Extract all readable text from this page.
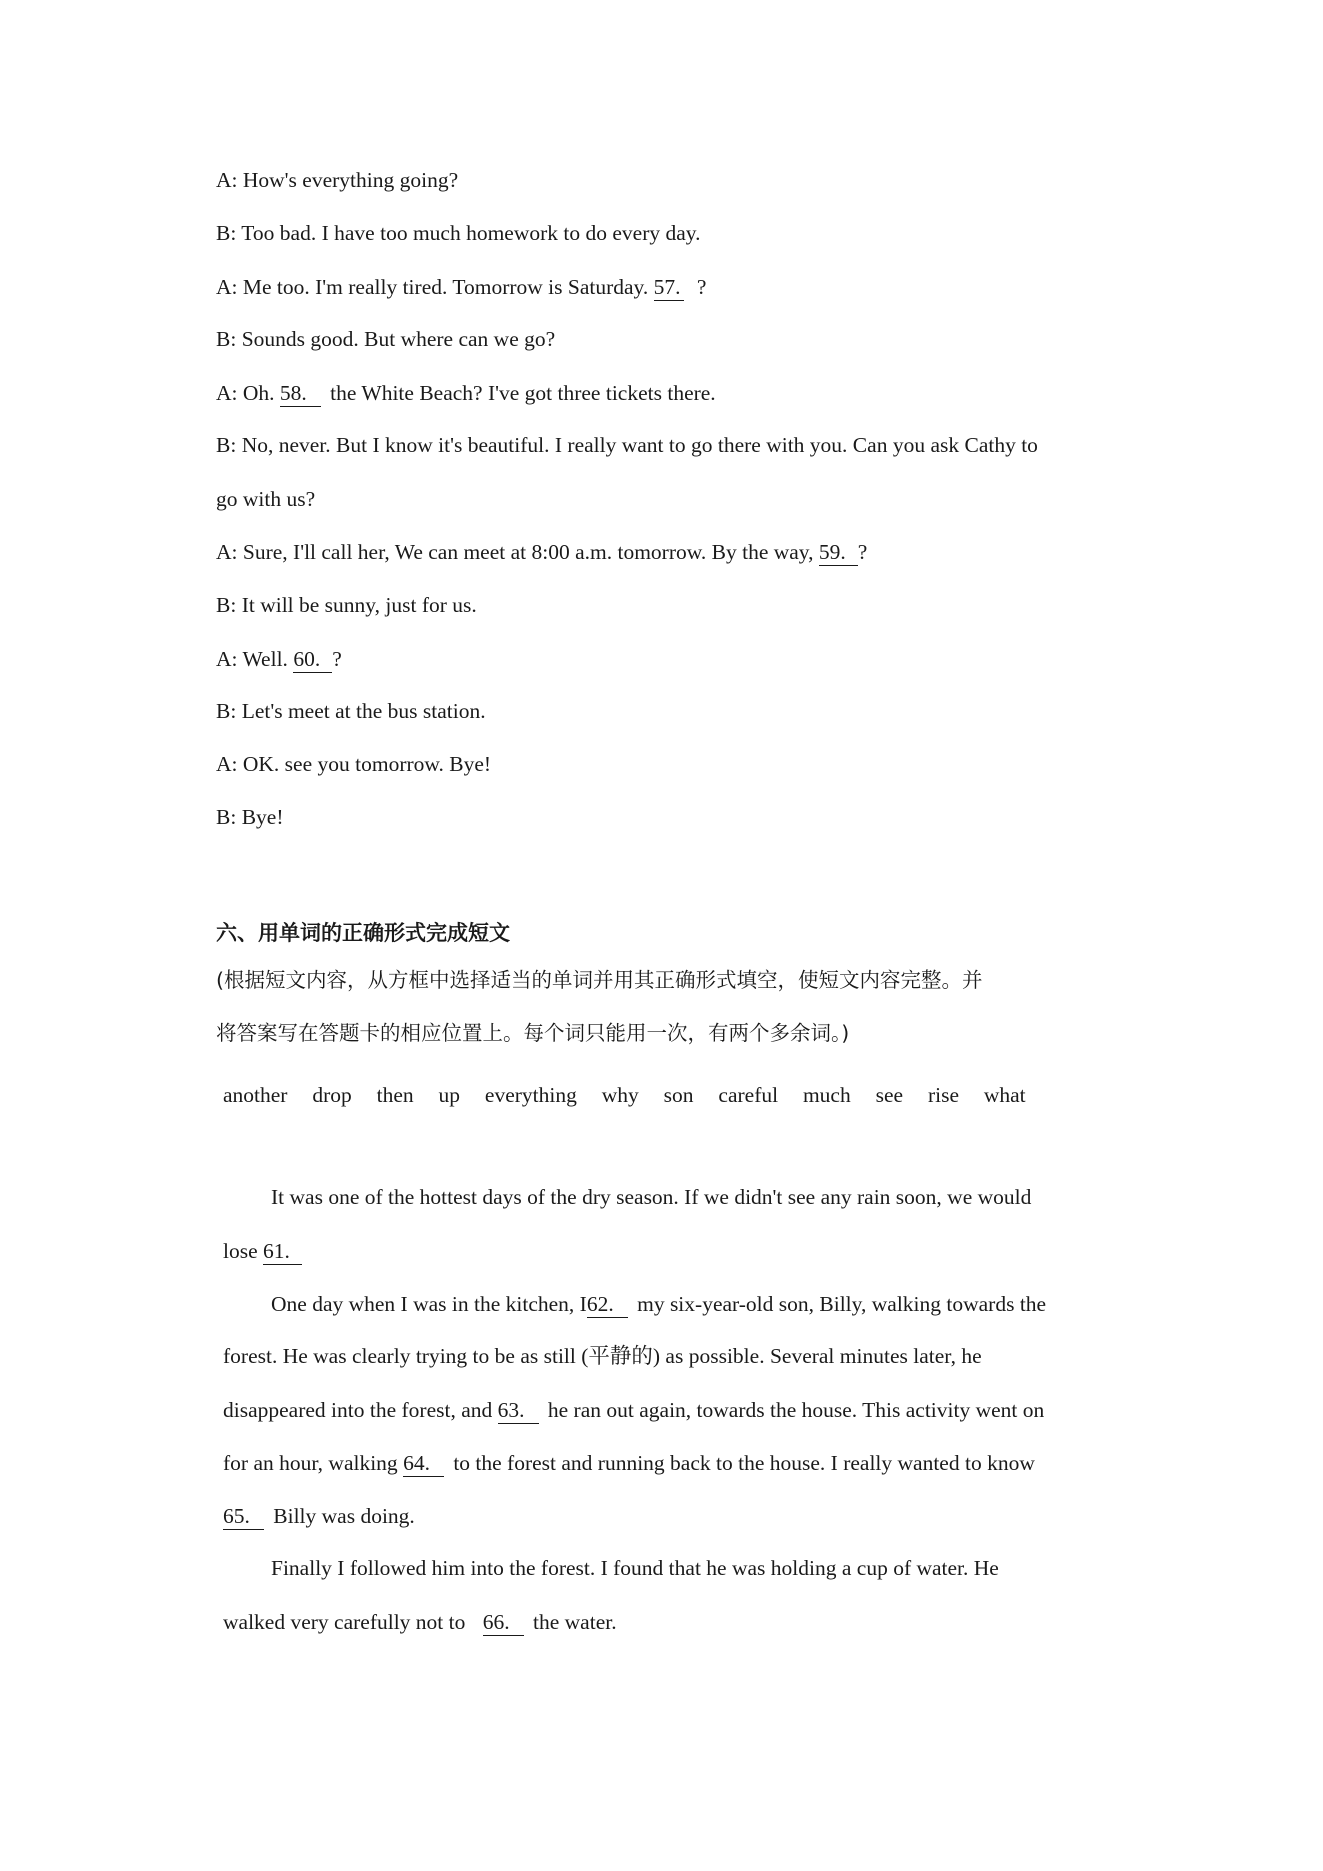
A: How's everything going?
B: Too bad. I have too much homework to do every day.
A: Me too. I'm really tired. Tomorrow is Saturday. 57. ?
B: Sounds good. But where can we go?
A: Oh. 58. the White Beach? I've got three tickets there.
B: No, never. But I know it's beautiful. I really want to go there with you. Can you ask Cathy to
go with us?
A: Sure, I'll call her, We can meet at 8:00 a.m. tomorrow. By the way, 59. ?
B: It will be sunny, just for us.
A: Well. 60. ?
B: Let's meet at the bus station.
A: OK. see you tomorrow. Bye!
B: Bye!
六、用单词的正确形式完成短文
(根据短文内容，从方框中选择适当的单词并用其正确形式填空，使短文内容完整。并
将答案写在答题卡的相应位置上。每个词只能用一次，有两个多余词。)
another drop then up everything why son careful much see rise what
It was one of the hottest days of the dry season. If we didn't see any rain soon, we would
lose 61.
One day when I was in the kitchen, I62. my six-year-old son, Billy, walking towards the
forest. He was clearly trying to be as still (平静的) as possible. Several minutes later, he
disappeared into the forest, and 63. he ran out again, towards the house. This activity went on
for an hour, walking 64. to the forest and running back to the house. I really wanted to know
65. Billy was doing.
Finally I followed him into the forest. I found that he was holding a cup of water. He
walked very carefully not to 66. the water.
